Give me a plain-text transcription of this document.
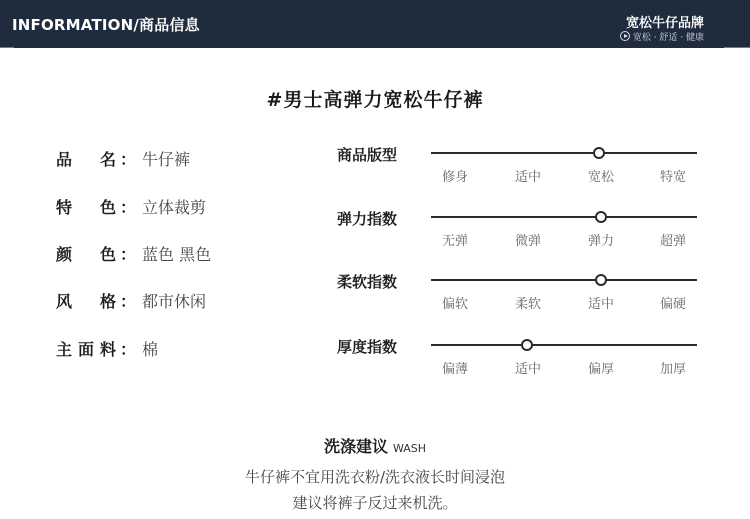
INFORMATION/商品信息	宽松牛仔品牌
宽松 · 舒适 · 健康
#男士高弹力宽松牛仔裤
品名 ： 牛仔裤
特色 ： 立体裁剪
颜色 ： 蓝色 黑色
风格 ： 都市休闲
主面料 ： 棉
商品版型
修身	适中	宽松	特宽
弹力指数
无弹	微弹	弹力	超弹
柔软指数
偏软	柔软	适中	偏硬
厚度指数
偏薄	适中	偏厚	加厚
洗涤建议 WASH
牛仔裤不宜用洗衣粉/洗衣液长时间浸泡
建议将裤子反过来机洗。
